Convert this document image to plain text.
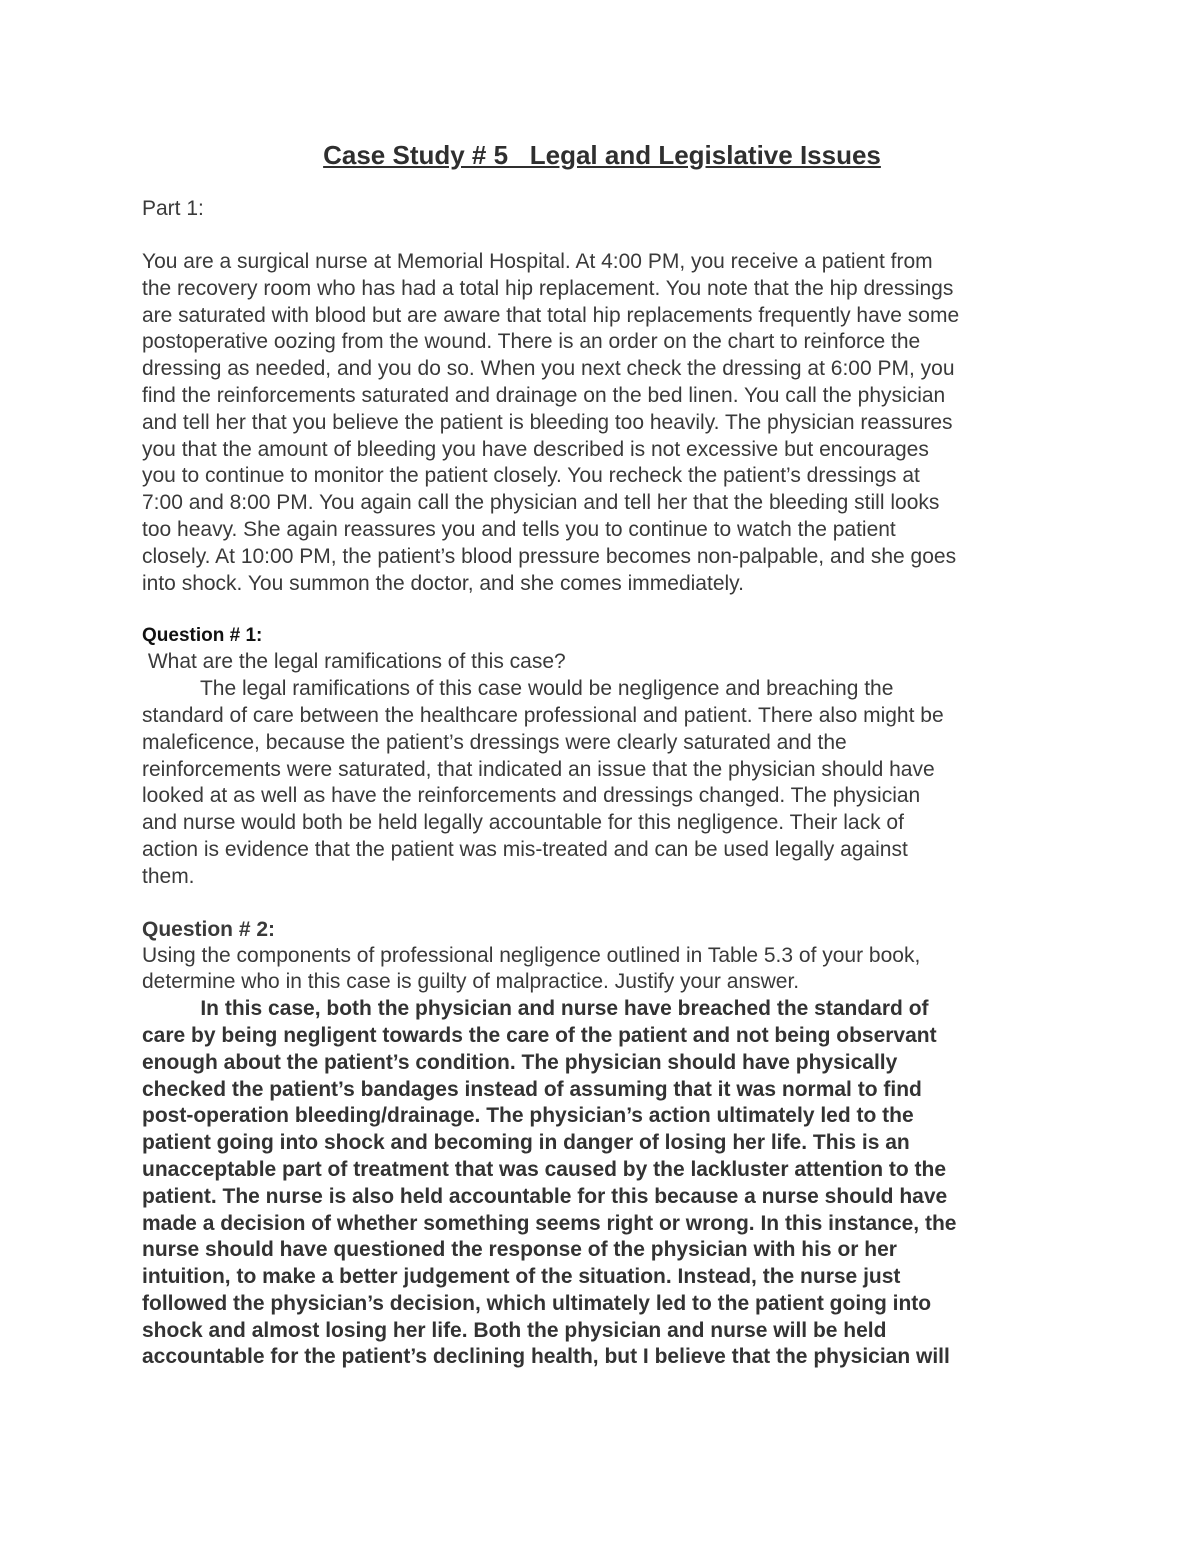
Case Study # 5   Legal and Legislative Issues
Part 1:
You are a surgical nurse at Memorial Hospital. At 4:00 PM, you receive a patient from
the recovery room who has had a total hip replacement. You note that the hip dressings
are saturated with blood but are aware that total hip replacements frequently have some
postoperative oozing from the wound. There is an order on the chart to reinforce the
dressing as needed, and you do so. When you next check the dressing at 6:00 PM, you
find the reinforcements saturated and drainage on the bed linen. You call the physician
and tell her that you believe the patient is bleeding too heavily. The physician reassures
you that the amount of bleeding you have described is not excessive but encourages
you to continue to monitor the patient closely. You recheck the patient’s dressings at
7:00 and 8:00 PM. You again call the physician and tell her that the bleeding still looks
too heavy. She again reassures you and tells you to continue to watch the patient
closely. At 10:00 PM, the patient’s blood pressure becomes non-palpable, and she goes
into shock. You summon the doctor, and she comes immediately.
Question # 1:
What are the legal ramifications of this case?
The legal ramifications of this case would be negligence and breaching the
standard of care between the healthcare professional and patient. There also might be
maleficence, because the patient’s dressings were clearly saturated and the
reinforcements were saturated, that indicated an issue that the physician should have
looked at as well as have the reinforcements and dressings changed. The physician
and nurse would both be held legally accountable for this negligence. Their lack of
action is evidence that the patient was mis-treated and can be used legally against
them.
Question # 2:
Using the components of professional negligence outlined in Table 5.3 of your book,
determine who in this case is guilty of malpractice. Justify your answer.
In this case, both the physician and nurse have breached the standard of
care by being negligent towards the care of the patient and not being observant
enough about the patient’s condition. The physician should have physically
checked the patient’s bandages instead of assuming that it was normal to find
post-operation bleeding/drainage. The physician’s action ultimately led to the
patient going into shock and becoming in danger of losing her life. This is an
unacceptable part of treatment that was caused by the lackluster attention to the
patient. The nurse is also held accountable for this because a nurse should have
made a decision of whether something seems right or wrong. In this instance, the
nurse should have questioned the response of the physician with his or her
intuition, to make a better judgement of the situation. Instead, the nurse just
followed the physician’s decision, which ultimately led to the patient going into
shock and almost losing her life. Both the physician and nurse will be held
accountable for the patient’s declining health, but I believe that the physician will
